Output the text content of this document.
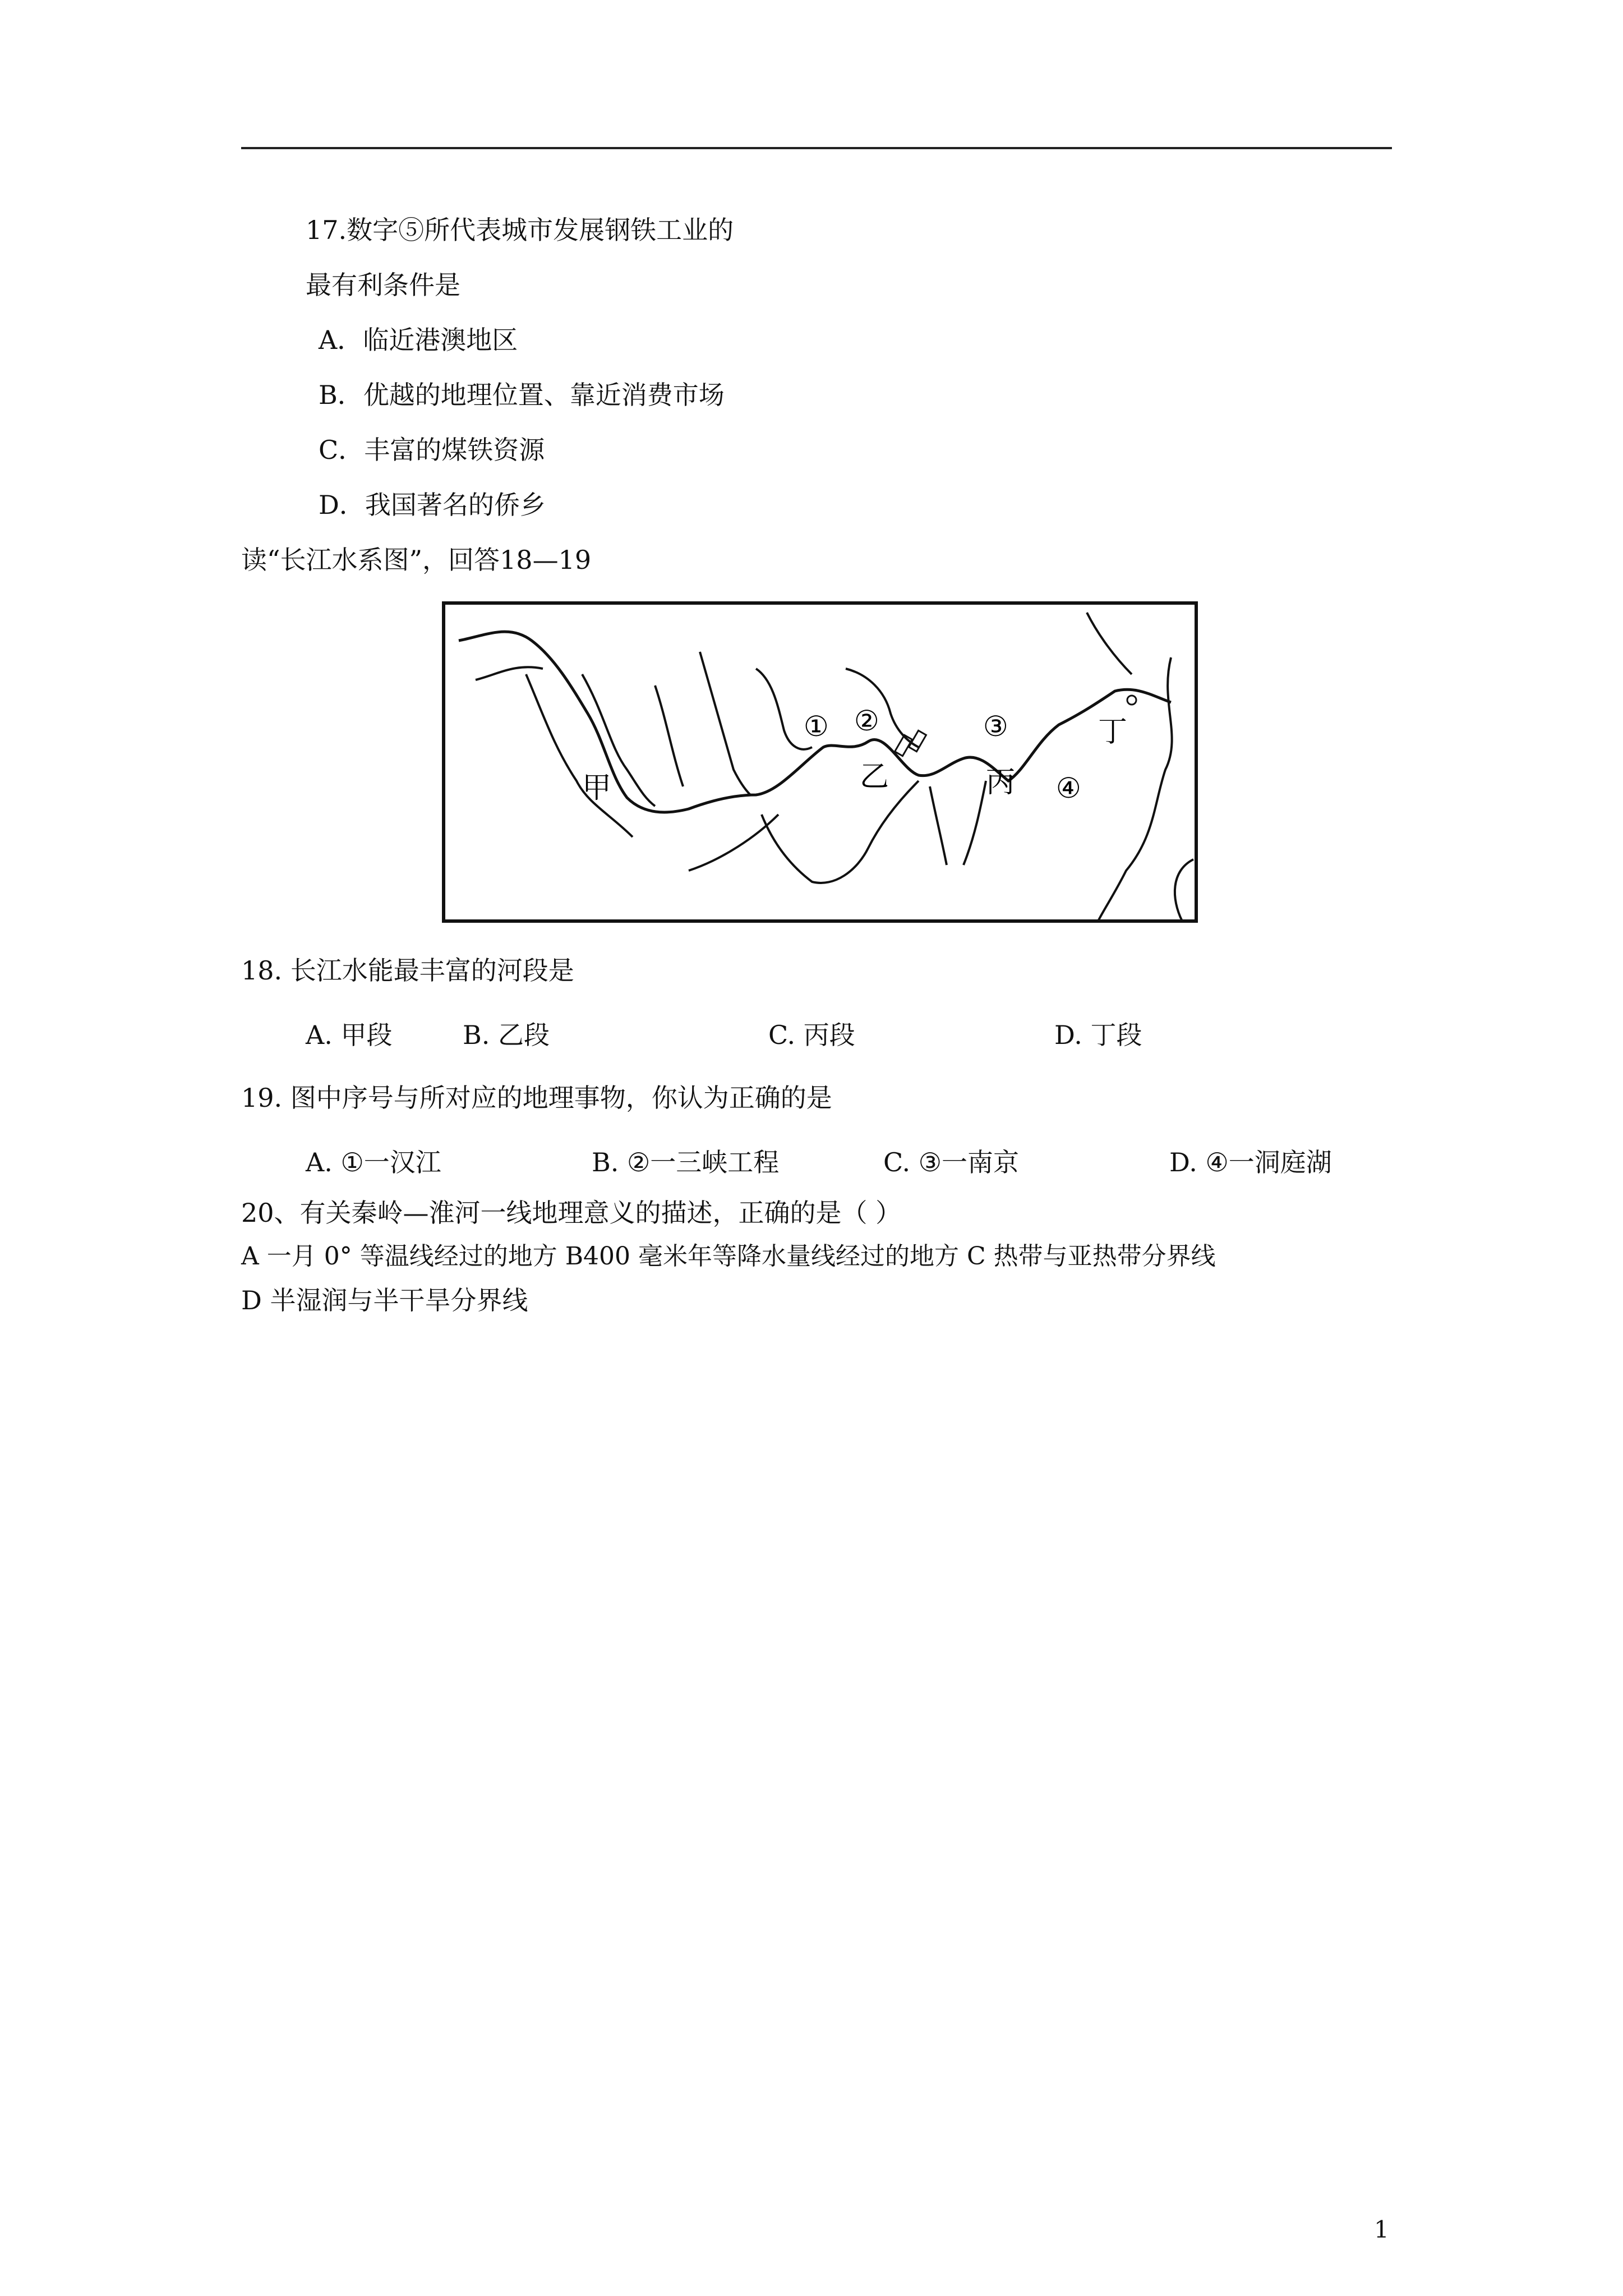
17.数字⑤所代表城市发展钢铁工业的
最有利条件是
A．临近港澳地区
B．优越的地理位置、靠近消费市场
C．丰富的煤铁资源
D．我国著名的侨乡
读“长江水系图”，回答18—19
甲	乙	丙
丁
① ②	③
④
18. 长江水能最丰富的河段是
A. 甲段	B. 乙段	C. 丙段	D. 丁段
19. 图中序号与所对应的地理事物，你认为正确的是
A. ①一汉江	B. ②一三峡工程	C. ③一南京	D. ④一洞庭湖
20、有关秦岭—淮河一线地理意义的描述，正确的是（ ）
A 一月 0° 等温线经过的地方 B400 毫米年等降水量线经过的地方 C 热带与亚热带分界线
D 半湿润与半干旱分界线
1
